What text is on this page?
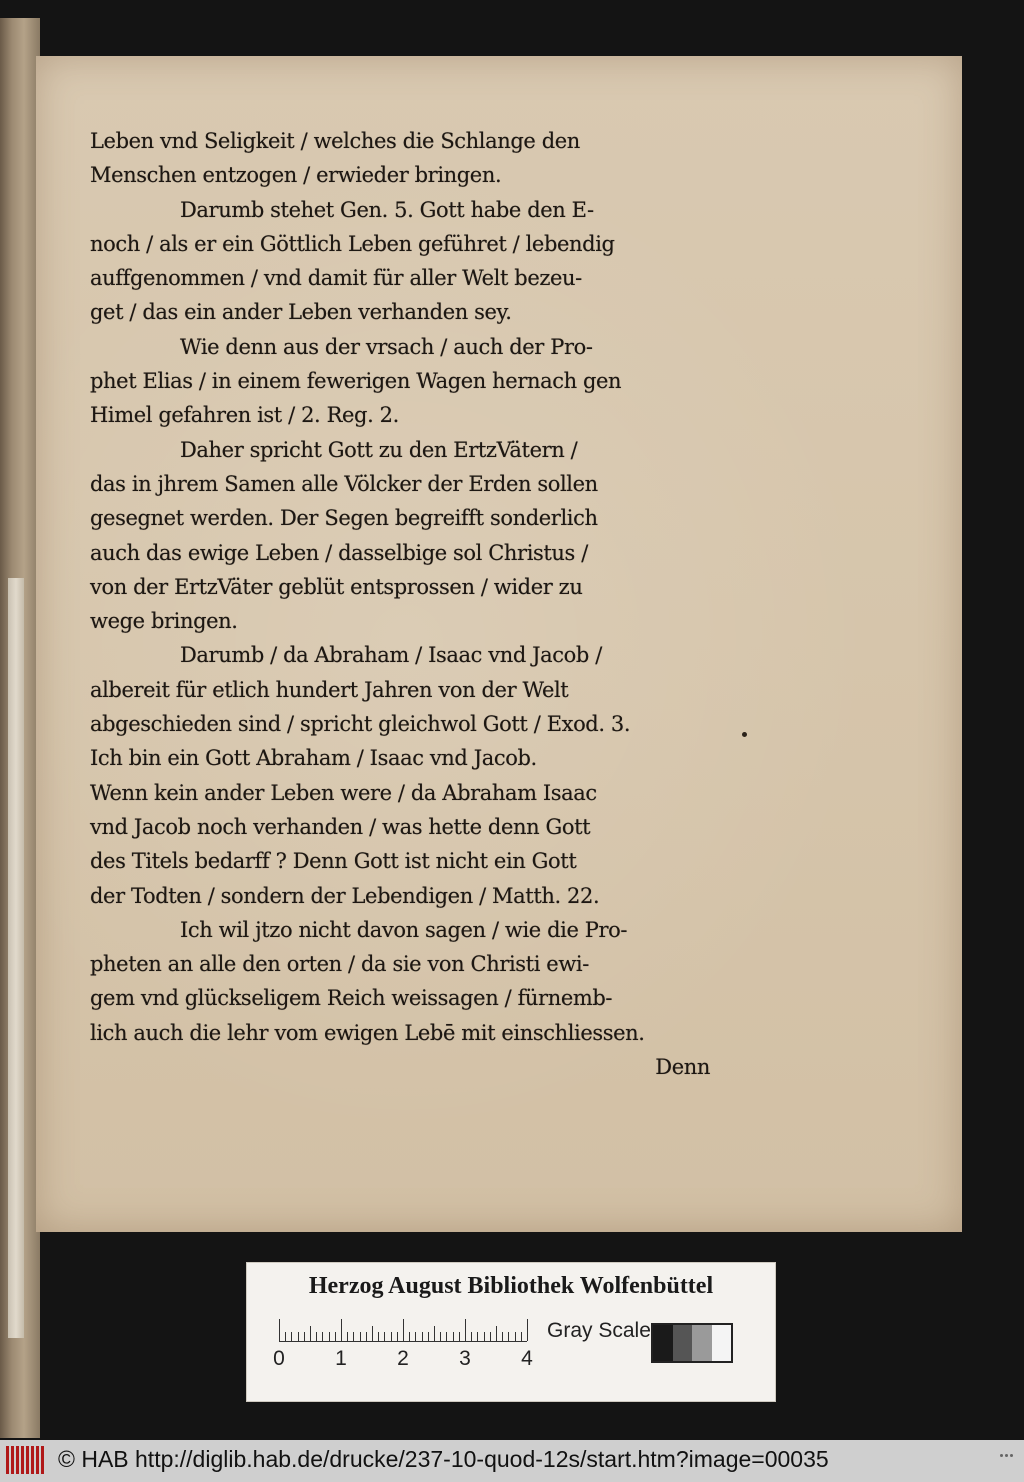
Leben vnd Seligkeit / welches die Schlange den
Menschen entzogen / erwieder bringen.
Darumb stehet Gen. 5. Gott habe den E-
noch / als er ein Göttlich Leben geführet / lebendig
auffgenommen / vnd damit für aller Welt bezeu-
get / das ein ander Leben verhanden sey.
Wie denn aus der vrsach / auch der Pro-
phet Elias / in einem fewerigen Wagen hernach gen
Himel gefahren ist / 2. Reg. 2.
Daher spricht Gott zu den ErtzVätern /
das in jhrem Samen alle Völcker der Erden sollen
gesegnet werden. Der Segen begreifft sonderlich
auch das ewige Leben / dasselbige sol Christus /
von der ErtzVäter geblüt entsprossen / wider zu
wege bringen.
Darumb / da Abraham / Isaac vnd Jacob /
albereit für etlich hundert Jahren von der Welt
abgeschieden sind / spricht gleichwol Gott / Exod. 3.
Ich bin ein Gott Abraham / Isaac vnd Jacob.
Wenn kein ander Leben were / da Abraham Isaac
vnd Jacob noch verhanden / was hette denn Gott
des Titels bedarff ? Denn Gott ist nicht ein Gott
der Todten / sondern der Lebendigen / Matth. 22.
Ich wil jtzo nicht davon sagen / wie die Pro-
pheten an alle den orten / da sie von Christi ewi-
gem vnd glückseligem Reich weissagen / fürnemb-
lich auch die lehr vom ewigen Lebē mit einschliessen.
Denn
Herzog August Bibliothek Wolfenbüttel
0 1 2 3 4
Gray Scale
© HAB http://diglib.hab.de/drucke/237-10-quod-12s/start.htm?image=00035
